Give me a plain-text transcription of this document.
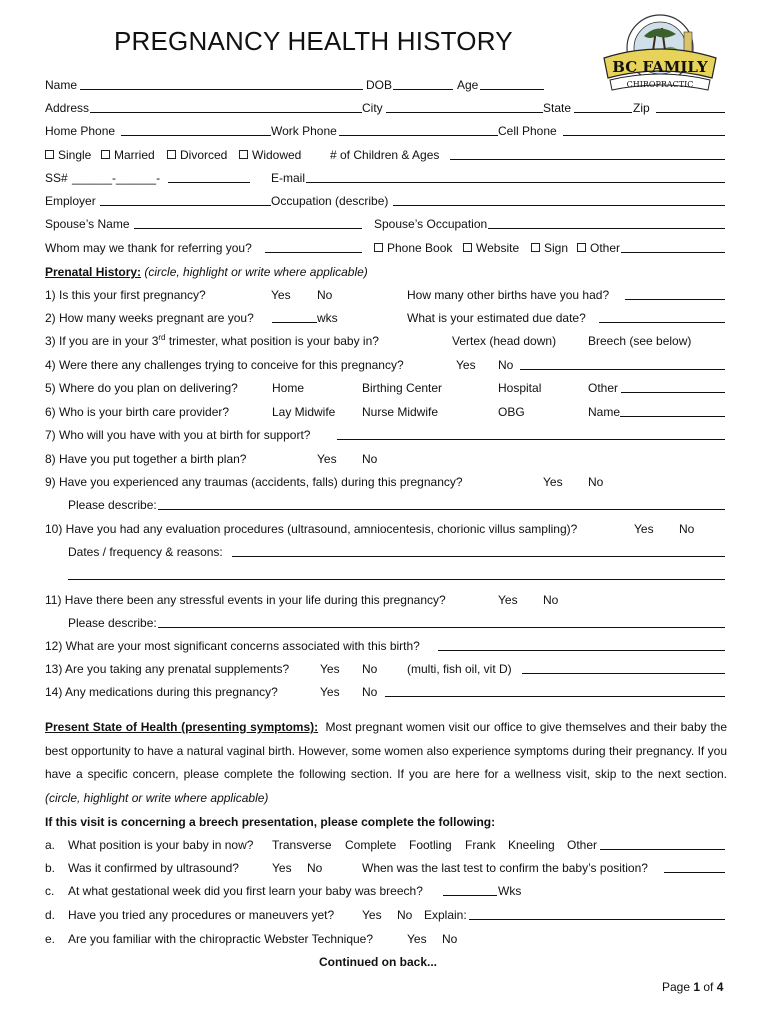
PREGNANCY HEALTH HISTORY
BC FAMILY
CHIROPRACTIC
Name	DOB	Age
Address	City	State	Zip
Home Phone	Work Phone	Cell Phone
Single	Married	Divorced	Widowed # of Children & Ages
SS# ______-______-	E-mail
Employer	Occupation (describe)
Spouse’s Name	Spouse’s Occupation
Whom may we thank for referring you?	Phone Book	Website	Sign	Other
Prenatal History: (circle, highlight or write where applicable)
1) Is this your first pregnancy?	Yes No	How many other births have you had?
2) How many weeks pregnant are you?	wks	What is your estimated due date?
3) If you are in your 3rd trimester, what position is your baby in?	Vertex (head down)	Breech (see below)
4) Were there any challenges trying to conceive for this pregnancy?	Yes No
5) Where do you plan on delivering?	Home	Birthing Center	Hospital	Other
6) Who is your birth care provider?	Lay Midwife Nurse Midwife	OBG	Name
7) Who will you have with you at birth for support?
8) Have you put together a birth plan?	Yes No
9) Have you experienced any traumas (accidents, falls) during this pregnancy?	Yes No
Please describe:
10) Have you had any evaluation procedures (ultrasound, amniocentesis, chorionic villus sampling)?	Yes No
Dates / frequency & reasons:
11) Have there been any stressful events in your life during this pregnancy?	Yes No
Please describe:
12) What are your most significant concerns associated with this birth?
13) Are you taking any prenatal supplements?	Yes No (multi, fish oil, vit D)
14) Any medications during this pregnancy?	Yes No
Present State of Health (presenting symptoms): Most pregnant women visit our office to give themselves and their baby the best opportunity to have a natural vaginal birth. However, some women also experience symptoms during their pregnancy. If you have a specific concern, please complete the following section. If you are here for a wellness visit, skip to the next section. (circle, highlight or write where applicable)
If this visit is concerning a breech presentation, please complete the following:
a. What position is your baby in now? Transverse Complete Footling Frank Kneeling Other
b. Was it confirmed by ultrasound?	Yes No	When was the last test to confirm the baby’s position?
c. At what gestational week did you first learn your baby was breech?	Wks
d. Have you tried any procedures or maneuvers yet? Yes No Explain:
e. Are you familiar with the chiropractic Webster Technique?	Yes No
Continued on back...
Page 1 of 4
